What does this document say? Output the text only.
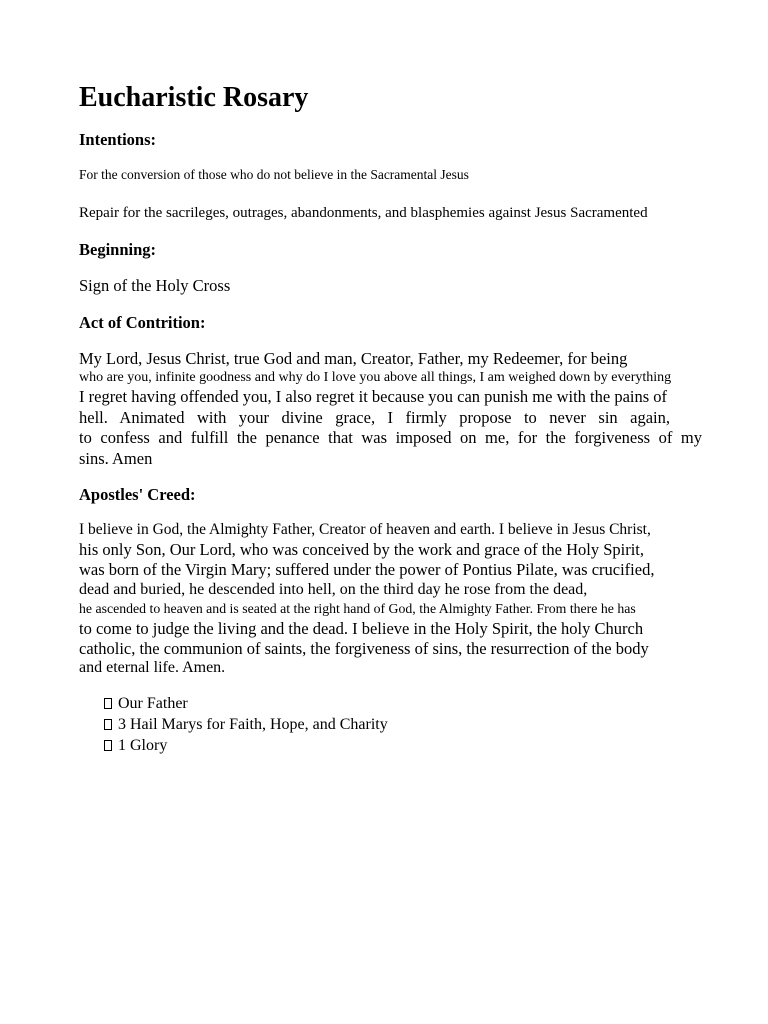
Eucharistic Rosary

Intentions:

For the conversion of those who do not believe in the Sacramental Jesus

Repair for the sacrileges, outrages, abandonments, and blasphemies against Jesus Sacramented

Beginning:

Sign of the Holy Cross

Act of Contrition:

My Lord, Jesus Christ, true God and man, Creator, Father, my Redeemer, for being

who are you, infinite goodness and why do I love you above all things, I am weighed down by everything

I regret having offended you, I also regret it because you can punish me with the pains of

hell. Animated with your divine grace, I firmly propose to never sin again,

to confess and fulfill the penance that was imposed on me, for the forgiveness of my

sins. Amen

Apostles' Creed:

I believe in God, the Almighty Father, Creator of heaven and earth. I believe in Jesus Christ,

his only Son, Our Lord, who was conceived by the work and grace of the Holy Spirit,

was born of the Virgin Mary; suffered under the power of Pontius Pilate, was crucified,

dead and buried, he descended into hell, on the third day he rose from the dead,

he ascended to heaven and is seated at the right hand of God, the Almighty Father. From there he has

to come to judge the living and the dead. I believe in the Holy Spirit, the holy Church

catholic, the communion of saints, the forgiveness of sins, the resurrection of the body

and eternal life. Amen.

Our Father

3 Hail Marys for Faith, Hope, and Charity

1 Glory
